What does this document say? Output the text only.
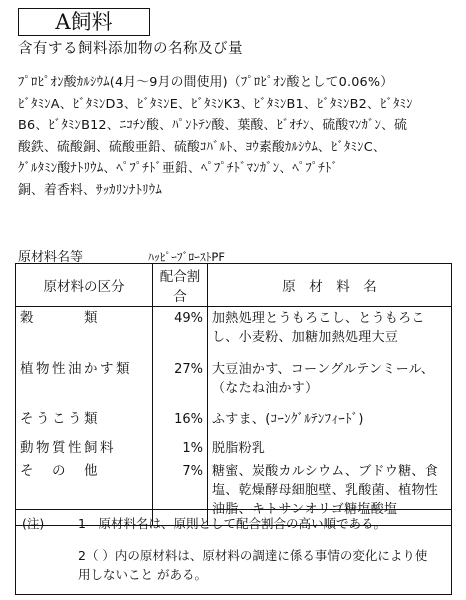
A飼料
含有する飼料添加物の名称及び量
ﾌﾟﾛﾋﾟｵﾝ酸ｶﾙｼｳﾑ(4月～9月の間使用)（ﾌﾟﾛﾋﾟｵﾝ酸として0.06%）
ﾋﾞﾀﾐﾝA、ﾋﾞﾀﾐﾝD3、ﾋﾞﾀﾐﾝE、ﾋﾞﾀﾐﾝK3、ﾋﾞﾀﾐﾝB1、ﾋﾞﾀﾐﾝB2、ﾋﾞﾀﾐﾝ
B6、ﾋﾞﾀﾐﾝB12、ﾆｺﾁﾝ酸、ﾊﾟﾝﾄﾃﾝ酸、葉酸、ﾋﾞｵﾁﾝ、硫酸ﾏﾝｶﾞﾝ、硫
酸鉄、硫酸銅、硫酸亜鉛、硫酸ｺﾊﾞﾙﾄ、ﾖｳ素酸ｶﾙｼｳﾑ、ﾋﾞﾀﾐﾝC、
ｸﾞﾙﾀﾐﾝ酸ﾅﾄﾘｳﾑ、ﾍﾟﾌﾟﾁﾄﾞ亜鉛、ﾍﾟﾌﾟﾁﾄﾞﾏﾝｶﾞﾝ、ﾍﾟﾌﾟﾁﾄﾞ
銅、着香料、ｻｯｶﾘﾝﾅﾄﾘｳﾑ
原材料名等	ﾊｯﾋﾟｰﾌﾞﾛｰｽﾄPF
原材料の区分	配合割合	原　材　料　名
穀　　　類	49%	加熱処理とうもろこし、とうもろこし、小麦粉、加糖加熱処理大豆
植物性油かす類	27%	大豆油かす、コーングルテンミール、（なたね油かす）
そうこう類	16%	ふすま、(ｺｰﾝｸﾞﾙﾃﾝﾌｨｰﾄﾞ)
動物質性飼料	1%	脱脂粉乳
そ　の　他	7%	糖蜜、炭酸カルシウム、ブドウ糖、食塩、乾燥酵母細胞壁、乳酸菌、植物性油脂、キトサンオリゴ糖塩酸塩
(注)	1　原材料名は、原則として配合割合の高い順である。
2（ ）内の原材料は、原材料の調達に係る事情の変化により使用しないこと がある。
